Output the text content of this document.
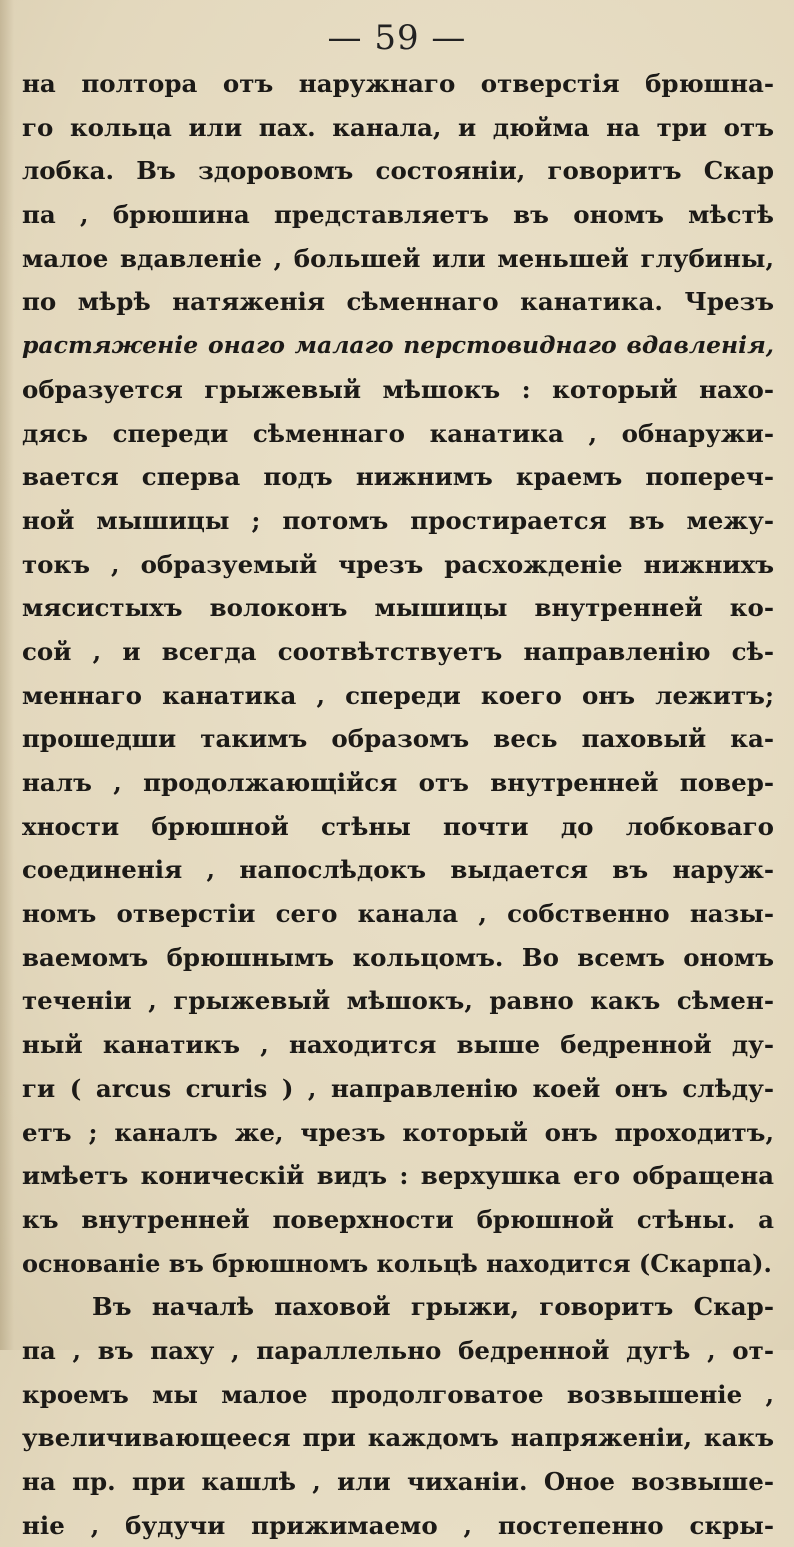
— 59 —
на полтора отъ наружнаго отверстія брюшна-
го кольца или пах. канала, и дюйма на три отъ
лобка. Въ здоровомъ состояніи, говоритъ Скар
па , брюшина представляетъ въ ономъ мѣстѣ
малое вдавленіе , большей или меньшей глубины,
по мѣрѣ натяженія сѣменнаго канатика. Чрезъ
растяженіе онаго малаго перстовиднаго вдавленія,
образуется грыжевый мѣшокъ : который нахо-
дясь спереди сѣменнаго канатика , обнаружи-
вается сперва подъ нижнимъ краемъ попереч-
ной мышицы ; потомъ простирается въ межу-
токъ , образуемый чрезъ расхожденіе нижнихъ
мясистыхъ волоконъ мышицы внутренней ко-
сой , и всегда соотвѣтствуетъ направленію сѣ-
меннаго канатика , спереди коего онъ лежитъ;
прошедши такимъ образомъ весь паховый ка-
налъ , продолжающійся отъ внутренней повер-
хности брюшной стѣны почти до лобковаго
соединенія , напослѣдокъ выдается въ наруж-
номъ отверстіи сего канала , собственно назы-
ваемомъ брюшнымъ кольцомъ. Во всемъ ономъ
теченіи , грыжевый мѣшокъ, равно какъ сѣмен-
ный канатикъ , находится выше бедренной ду-
ги ( arcus cruris ) , направленію коей онъ слѣду-
етъ ; каналъ же, чрезъ который онъ проходитъ,
имѣетъ коническій видъ : верхушка его обращена
къ внутренней поверхности брюшной стѣны. а
основаніе въ брюшномъ кольцѣ находится (Скарпа).
Въ началѣ паховой грыжи, говоритъ Скар-
па , въ паху , параллельно бедренной дугѣ , от-
кроемъ мы малое продолговатое возвышеніе ,
увеличивающееся при каждомъ напряженіи, какъ
на пр. при кашлѣ , или чиханіи. Оное возвыше-
ніе , будучи прижимаемо , постепенно скры-
